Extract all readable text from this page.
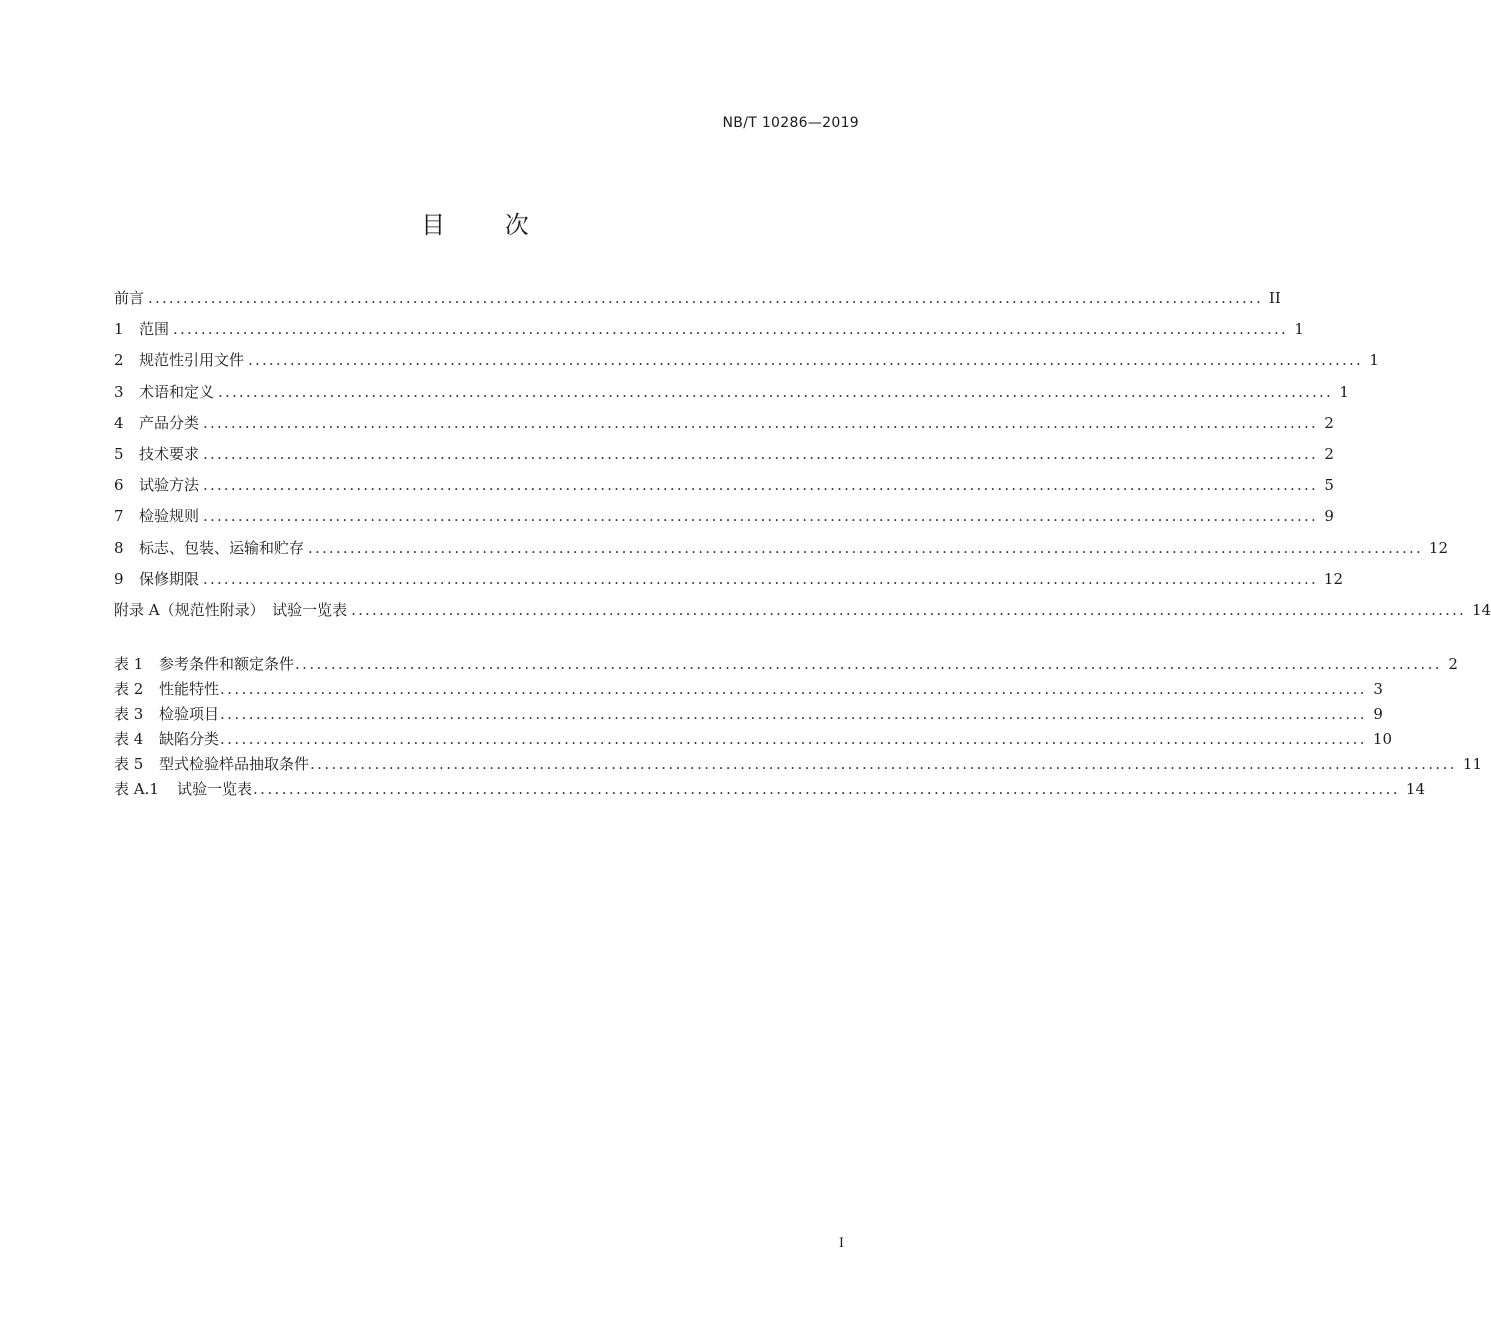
NB/T 10286—2019
目 次
前言 ................................................................................................................................................................ II
1	范围 ................................................................................................................................................................ 1
2	规范性引用文件 ................................................................................................................................................................ 1
3	术语和定义 ................................................................................................................................................................ 1
4	产品分类 ................................................................................................................................................................ 2
5	技术要求 ................................................................................................................................................................ 2
6	试验方法 ................................................................................................................................................................ 5
7	检验规则 ................................................................................................................................................................ 9
8	标志、包装、运输和贮存 ................................................................................................................................................................ 12
9	保修期限 ................................................................................................................................................................ 12
附录 A（规范性附录）　试验一览表 ................................................................................................................................................................ 14
表 1	参考条件和额定条件 ................................................................................................................................................................ 2
表 2	性能特性 ................................................................................................................................................................ 3
表 3	检验项目 ................................................................................................................................................................ 9
表 4	缺陷分类 ................................................................................................................................................................ 10
表 5	型式检验样品抽取条件 ................................................................................................................................................................ 11
表 A.1	试验一览表 ................................................................................................................................................................ 14
I
